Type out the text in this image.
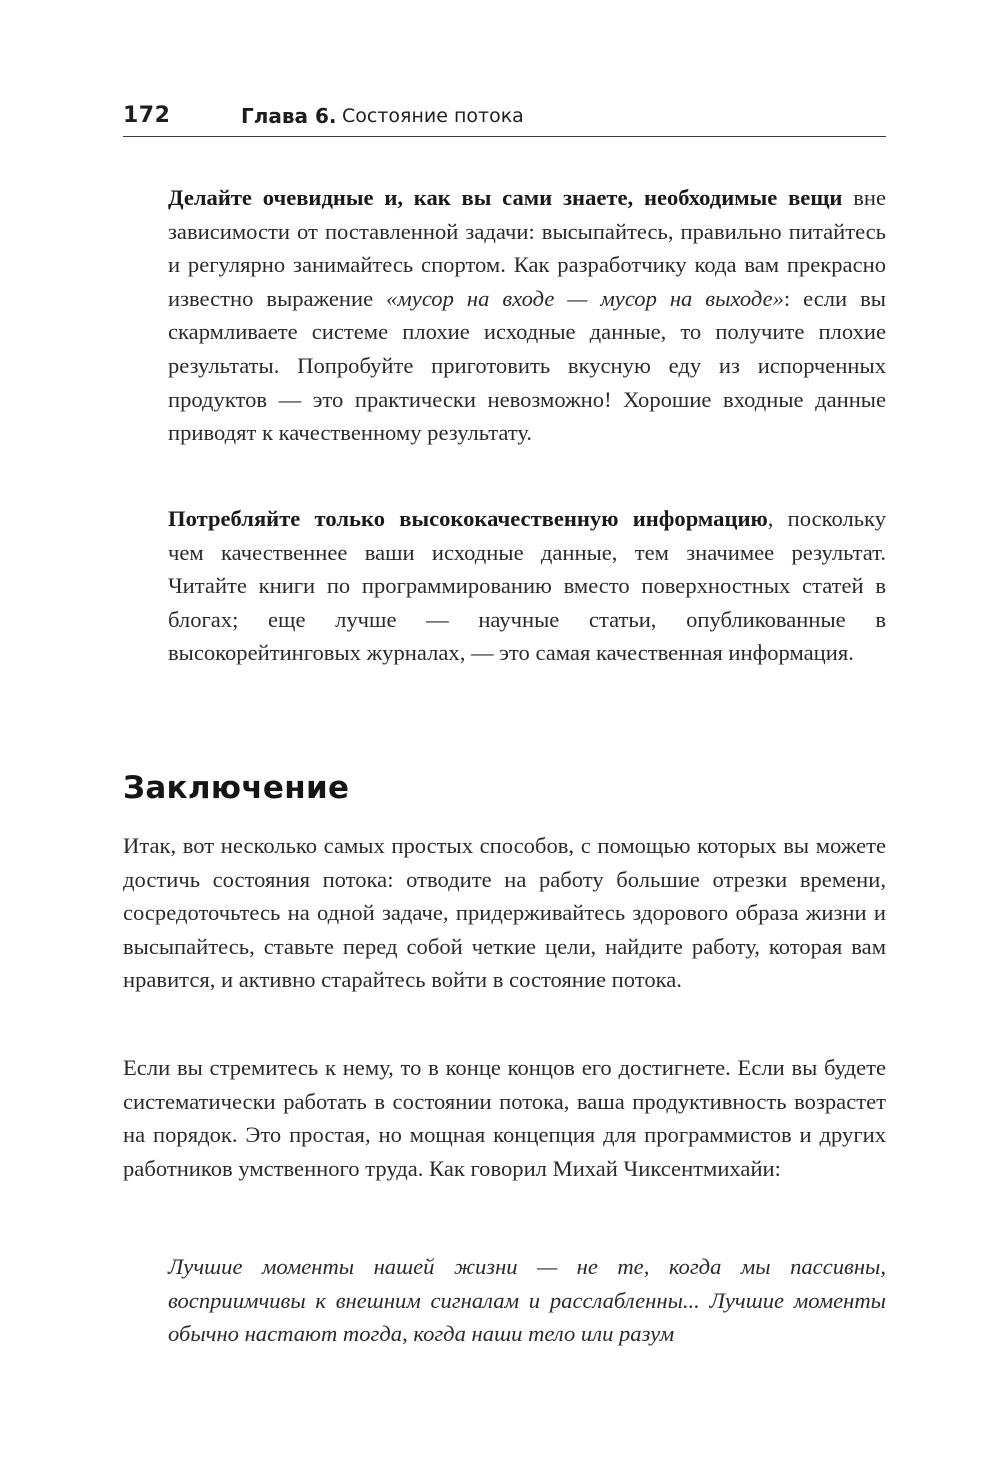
172	Глава 6. Состояние потока

Делайте очевидные и, как вы сами знаете, необходимые вещи вне зависимости от поставленной задачи: высыпайтесь, правильно питайтесь и регулярно занимайтесь спортом. Как разработчику кода вам прекрасно известно выражение «мусор на входе — мусор на выходе»: если вы скармливаете системе плохие исходные данные, то получите плохие результаты. Попробуйте приготовить вкусную еду из испорченных продуктов — это практически невозможно! Хорошие входные данные приводят к качественному результату.

Потребляйте только высококачественную информацию, поскольку чем качественнее ваши исходные данные, тем значимее результат. Читайте книги по программированию вместо поверхностных статей в блогах; еще лучше — научные статьи, опубликованные в высокорейтинговых журналах, — это самая качественная информация.

Заключение

Итак, вот несколько самых простых способов, с помощью которых вы можете достичь состояния потока: отводите на работу большие отрезки времени, сосредоточьтесь на одной задаче, придерживайтесь здорового образа жизни и высыпайтесь, ставьте перед собой четкие цели, найдите работу, которая вам нравится, и активно старайтесь войти в состояние потока.

Если вы стремитесь к нему, то в конце концов его достигнете. Если вы будете систематически работать в состоянии потока, ваша продуктивность возрастет на порядок. Это простая, но мощная концепция для программистов и других работников умственного труда. Как говорил Михай Чиксентмихайи:

Лучшие моменты нашей жизни — не те, когда мы пассивны, восприимчивы к внешним сигналам и расслабленны... Лучшие моменты обычно настают тогда, когда наши тело или разум
